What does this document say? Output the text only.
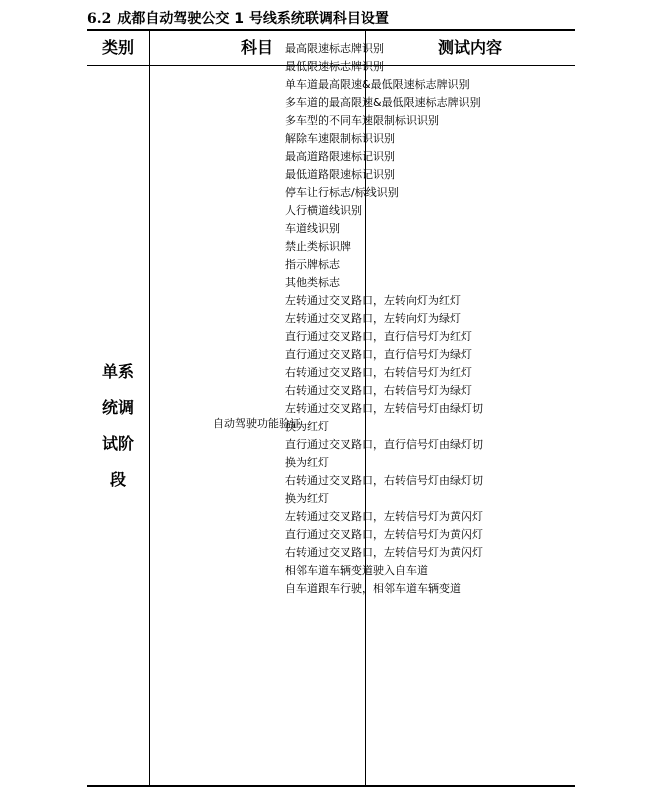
6.2 成都自动驾驶公交 1 号线系统联调科目设置
类别	科目	测试内容
单系
统调
试阶
段
自动驾驶功能验证
最高限速标志牌识别
最低限速标志牌识别
单车道最高限速&最低限速标志牌识别
多车道的最高限速&最低限速标志牌识别
多车型的不同车速限制标识识别
解除车速限制标识识别
最高道路限速标记识别
最低道路限速标记识别
停车让行标志/标线识别
人行横道线识别
车道线识别
禁止类标识牌
指示牌标志
其他类标志
左转通过交叉路口，左转向灯为红灯
左转通过交叉路口，左转向灯为绿灯
直行通过交叉路口，直行信号灯为红灯
直行通过交叉路口，直行信号灯为绿灯
右转通过交叉路口，右转信号灯为红灯
右转通过交叉路口，右转信号灯为绿灯
左转通过交叉路口，左转信号灯由绿灯切换为红灯
直行通过交叉路口，直行信号灯由绿灯切换为红灯
右转通过交叉路口，右转信号灯由绿灯切换为红灯
左转通过交叉路口，左转信号灯为黄闪灯
直行通过交叉路口，左转信号灯为黄闪灯
右转通过交叉路口，左转信号灯为黄闪灯
相邻车道车辆变道驶入自车道
自车道跟车行驶，相邻车道车辆变道
